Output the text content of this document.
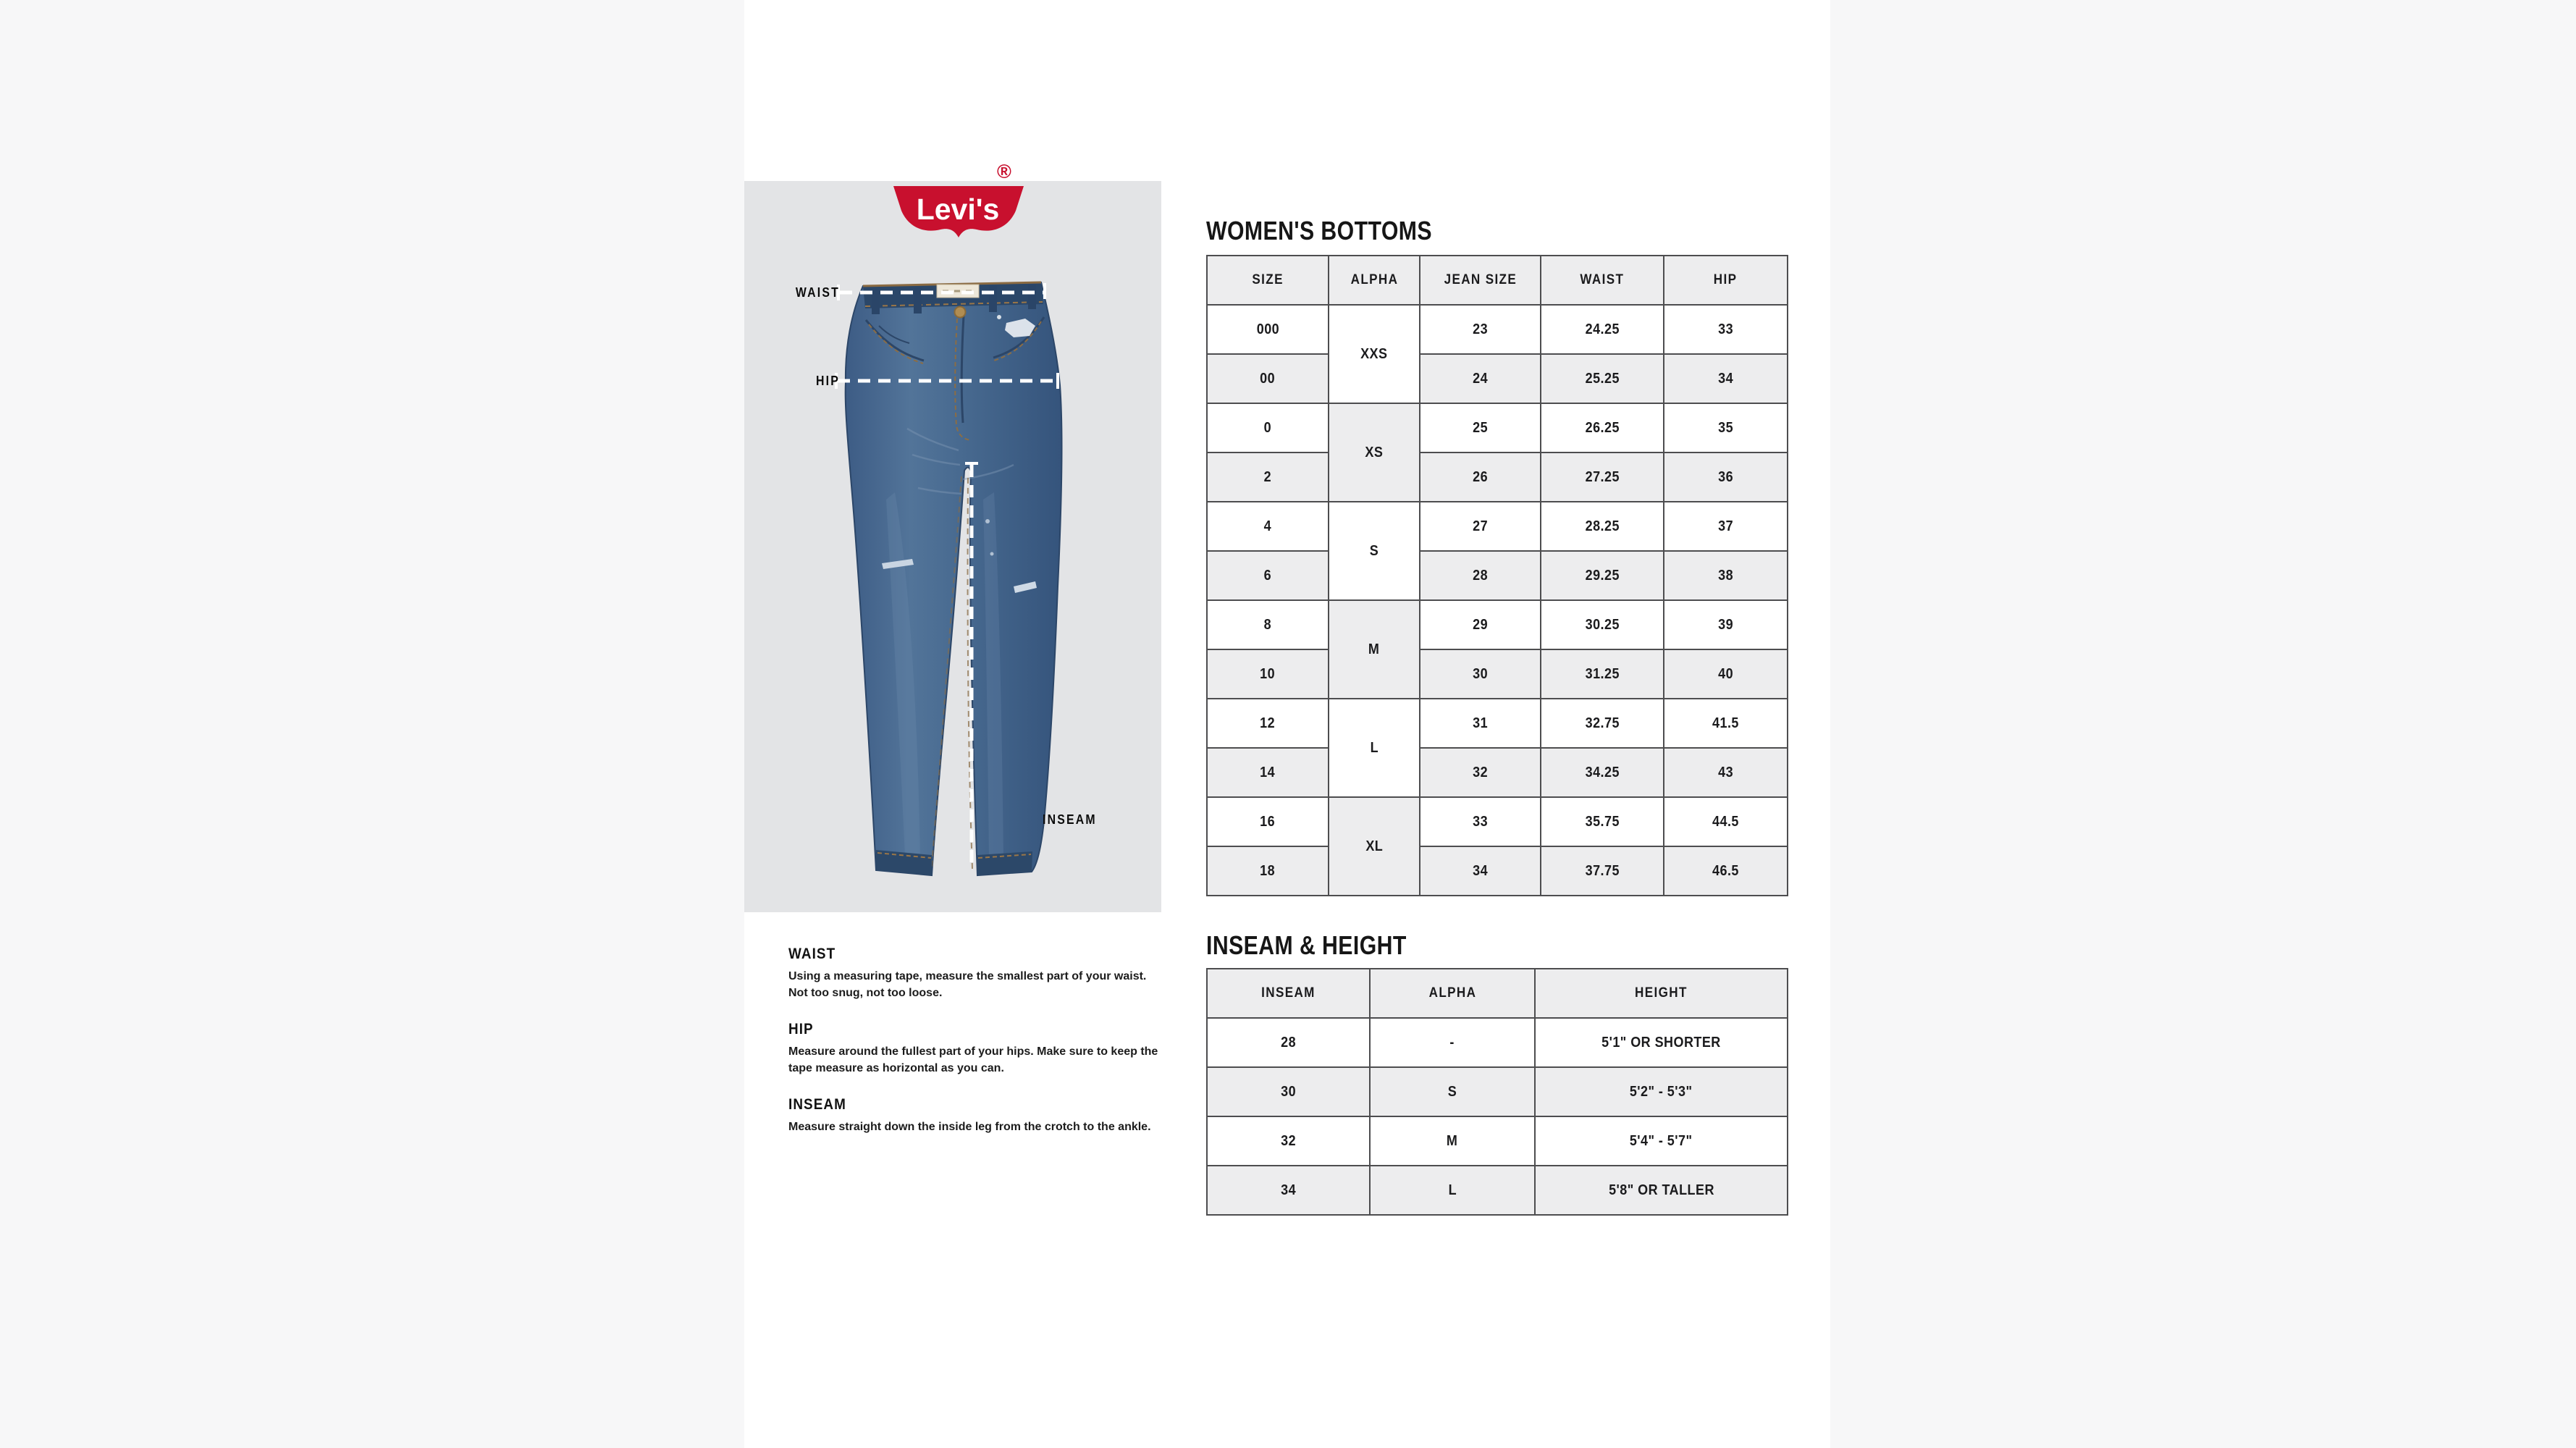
WAIST
HIP
INSEAM
Levi's
®
WOMEN'S BOTTOMS
SIZE	ALPHA	JEAN SIZE	WAIST	HIP
000	XXS	23	24.25	33
00		24	25.25	34
0	XS	25	26.25	35
2		26	27.25	36
4	S	27	28.25	37
6		28	29.25	38
8	M	29	30.25	39
10		30	31.25	40
12	L	31	32.75	41.5
14		32	34.25	43
16	XL	33	35.75	44.5
18		34	37.75	46.5
INSEAM & HEIGHT
INSEAM	ALPHA	HEIGHT
28	-	5'1" OR SHORTER
30	S	5'2" - 5'3"
32	M	5'4" - 5'7"
34	L	5'8" OR TALLER
WAIST

Using a measuring tape, measure the smallest part of your waist. Not too snug, not too loose.

HIP

Measure around the fullest part of your hips. Make sure to keep the tape measure as horizontal as you can.

INSEAM

Measure straight down the inside leg from the crotch to the ankle.
